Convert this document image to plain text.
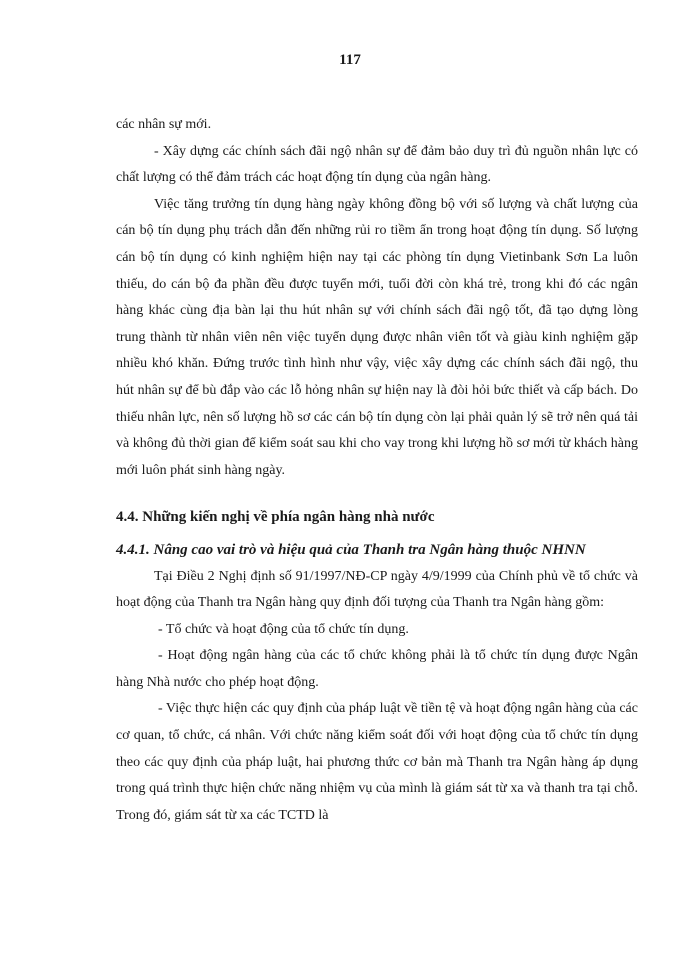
117

các nhân sự mới.

- Xây dựng các chính sách đãi ngộ nhân sự để đảm bảo duy trì đủ nguồn nhân lực có chất lượng có thể đảm trách các hoạt động tín dụng của ngân hàng.

Việc tăng trưởng tín dụng hàng ngày không đồng bộ với số lượng và chất lượng của cán bộ tín dụng phụ trách dẫn đến những rủi ro tiềm ẩn trong hoạt động tín dụng. Số lượng cán bộ tín dụng có kinh nghiệm hiện nay tại các phòng tín dụng Vietinbank Sơn La luôn thiếu, do cán bộ đa phần đều được tuyển mới, tuổi đời còn khá trẻ, trong khi đó các ngân hàng khác cùng địa bàn lại thu hút nhân sự với chính sách đãi ngộ tốt, đã tạo dựng lòng trung thành từ nhân viên nên việc tuyển dụng được nhân viên tốt và giàu kinh nghiệm gặp nhiều khó khăn. Đứng trước tình hình như vậy, việc xây dựng các chính sách đãi ngộ, thu hút nhân sự để bù đắp vào các lỗ hỏng nhân sự hiện nay là đòi hỏi bức thiết và cấp bách. Do thiếu nhân lực, nên số lượng hồ sơ các cán bộ tín dụng còn lại phải quản lý sẽ trở nên quá tải và không đủ thời gian để kiểm soát sau khi cho vay trong khi lượng hồ sơ mới từ khách hàng mới luôn phát sinh hàng ngày.

4.4. Những kiến nghị về phía ngân hàng nhà nước

4.4.1. Nâng cao vai trò và hiệu quả của Thanh tra Ngân hàng thuộc NHNN

Tại Điều 2 Nghị định số 91/1997/NĐ-CP ngày 4/9/1999 của Chính phủ về tổ chức và hoạt động của Thanh tra Ngân hàng quy định đối tượng của Thanh tra Ngân hàng gồm:

- Tổ chức và hoạt động của tổ chức tín dụng.

- Hoạt động ngân hàng của các tổ chức không phải là tổ chức tín dụng được Ngân hàng Nhà nước cho phép hoạt động.

- Việc thực hiện các quy định của pháp luật về tiền tệ và hoạt động ngân hàng của các cơ quan, tổ chức, cá nhân. Với chức năng kiểm soát đối với hoạt động của tổ chức tín dụng theo các quy định của pháp luật, hai phương thức cơ bản mà Thanh tra Ngân hàng áp dụng trong quá trình thực hiện chức năng nhiệm vụ của mình là giám sát từ xa và thanh tra tại chỗ. Trong đó, giám sát từ xa các TCTD là
